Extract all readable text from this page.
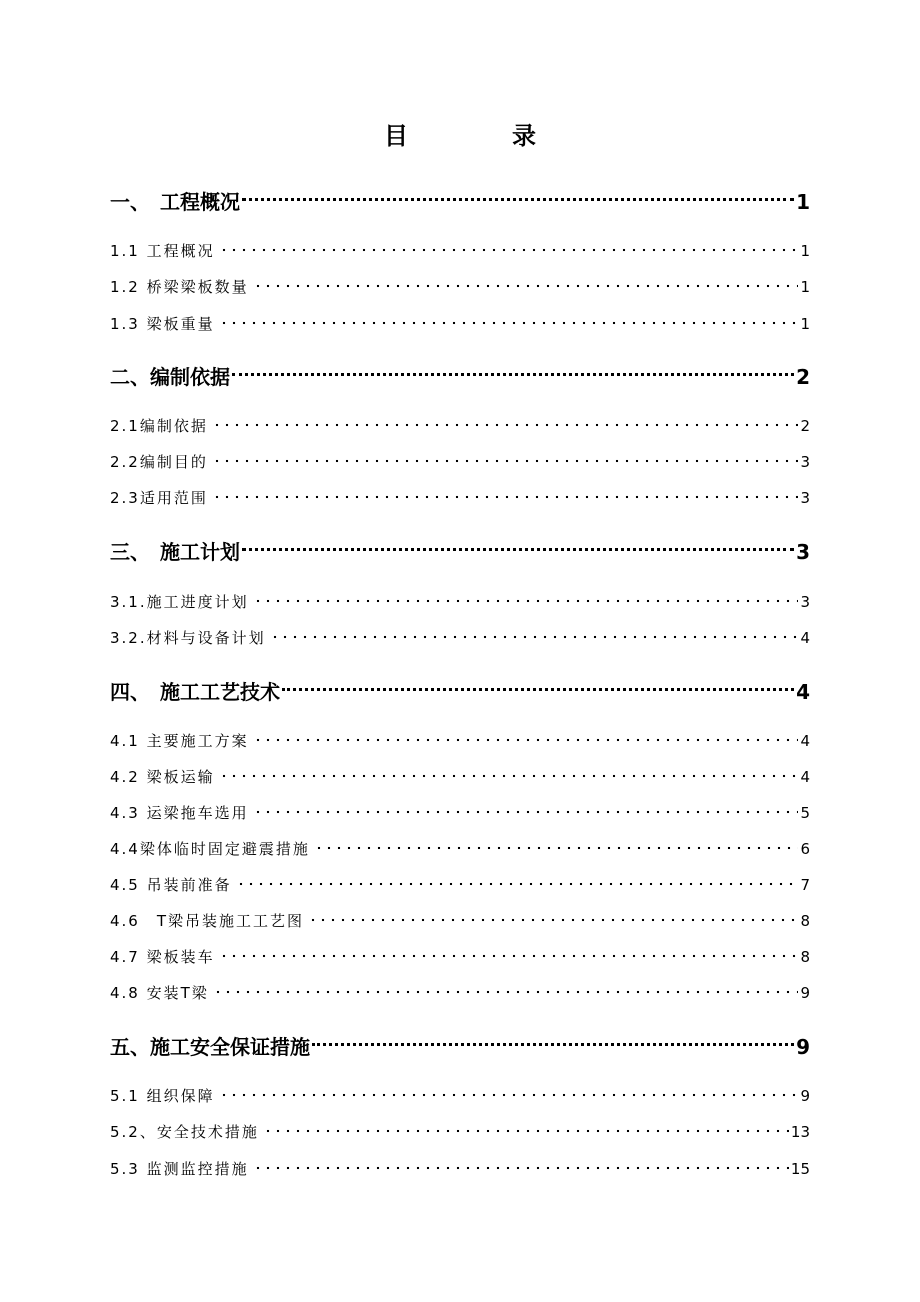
目　录
一、　工程概况	1
1.1 工程概况	1
1.2 桥梁梁板数量	1
1.3 梁板重量	1
二、编制依据	2
2.1编制依据	2
2.2编制目的	3
2.3适用范围	3
三、　施工计划	3
3.1.施工进度计划	3
3.2.材料与设备计划	4
四、　施工工艺技术	4
4.1 主要施工方案	4
4.2 梁板运输	4
4.3 运梁拖车选用	5
4.4梁体临时固定避震措施	6
4.5 吊装前准备	7
4.6　T梁吊装施工工艺图	8
4.7 梁板装车	8
4.8 安装T梁	9
五、施工安全保证措施	9
5.1 组织保障	9
5.2、安全技术措施	13
5.3 监测监控措施	15
